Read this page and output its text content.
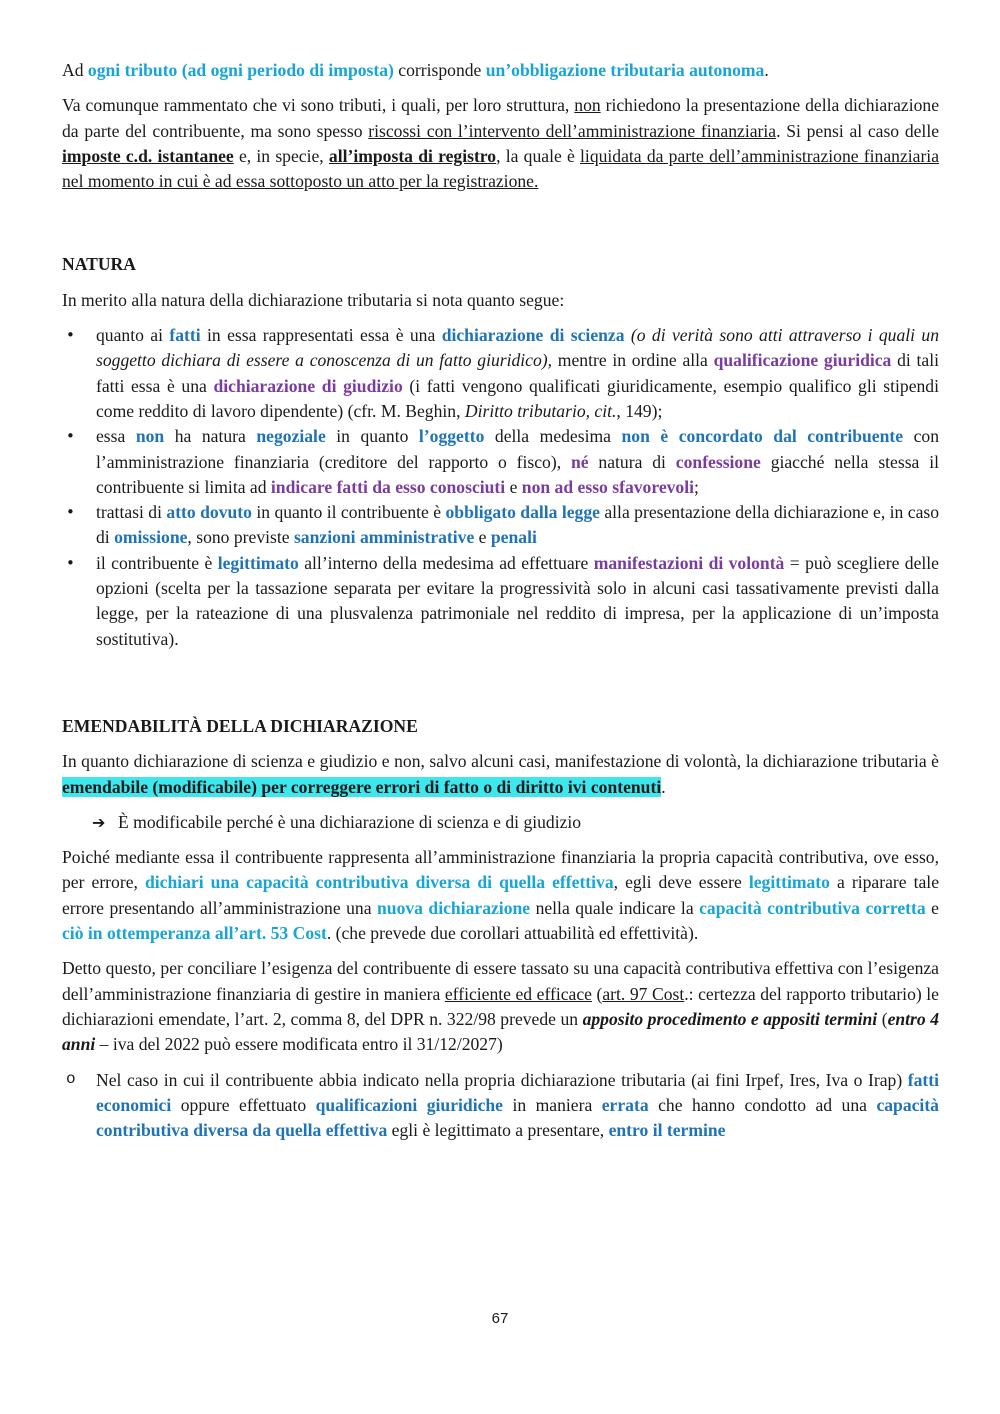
Ad ogni tributo (ad ogni periodo di imposta) corrisponde un’obbligazione tributaria autonoma.

Va comunque rammentato che vi sono tributi, i quali, per loro struttura, non richiedono la presentazione della dichiarazione da parte del contribuente, ma sono spesso riscossi con l’intervento dell’amministrazione finanziaria. Si pensi al caso delle imposte c.d. istantanee e, in specie, all’imposta di registro, la quale è liquidata da parte dell’amministrazione finanziaria nel momento in cui è ad essa sottoposto un atto per la registrazione.

NATURA

In merito alla natura della dichiarazione tributaria si nota quanto segue:

• quanto ai fatti in essa rappresentati essa è una dichiarazione di scienza (o di verità sono atti attraverso i quali un soggetto dichiara di essere a conoscenza di un fatto giuridico), mentre in ordine alla qualificazione giuridica di tali fatti essa è una dichiarazione di giudizio (i fatti vengono qualificati giuridicamente, esempio qualifico gli stipendi come reddito di lavoro dipendente) (cfr. M. Beghin, Diritto tributario, cit., 149);
• essa non ha natura negoziale in quanto l’oggetto della medesima non è concordato dal contribuente con l’amministrazione finanziaria (creditore del rapporto o fisco), né natura di confessione giacché nella stessa il contribuente si limita ad indicare fatti da esso conosciuti e non ad esso sfavorevoli;
• trattasi di atto dovuto in quanto il contribuente è obbligato dalla legge alla presentazione della dichiarazione e, in caso di omissione, sono previste sanzioni amministrative e penali
• il contribuente è legittimato all’interno della medesima ad effettuare manifestazioni di volontà = può scegliere delle opzioni (scelta per la tassazione separata per evitare la progressività solo in alcuni casi tassativamente previsti dalla legge, per la rateazione di una plusvalenza patrimoniale nel reddito di impresa, per la applicazione di un’imposta sostitutiva).
EMENDABILITÀ DELLA DICHIARAZIONE

In quanto dichiarazione di scienza e giudizio e non, salvo alcuni casi, manifestazione di volontà, la dichiarazione tributaria è emendabile (modificabile) per correggere errori di fatto o di diritto ivi contenuti.

➔ È modificabile perché è una dichiarazione di scienza e di giudizio

Poiché mediante essa il contribuente rappresenta all’amministrazione finanziaria la propria capacità contributiva, ove esso, per errore, dichiari una capacità contributiva diversa di quella effettiva, egli deve essere legittimato a riparare tale errore presentando all’amministrazione una nuova dichiarazione nella quale indicare la capacità contributiva corretta e ciò in ottemperanza all’art. 53 Cost. (che prevede due corollari attuabilità ed effettività).

Detto questo, per conciliare l’esigenza del contribuente di essere tassato su una capacità contributiva effettiva con l’esigenza dell’amministrazione finanziaria di gestire in maniera efficiente ed efficace (art. 97 Cost.: certezza del rapporto tributario) le dichiarazioni emendate, l’art. 2, comma 8, del DPR n. 322/98 prevede un apposito procedimento e appositi termini (entro 4 anni – iva del 2022 può essere modificata entro il 31/12/2027)

o Nel caso in cui il contribuente abbia indicato nella propria dichiarazione tributaria (ai fini Irpef, Ires, Iva o Irap) fatti economici oppure effettuato qualificazioni giuridiche in maniera errata che hanno condotto ad una capacità contributiva diversa da quella effettiva egli è legittimato a presentare, entro il termine
67
